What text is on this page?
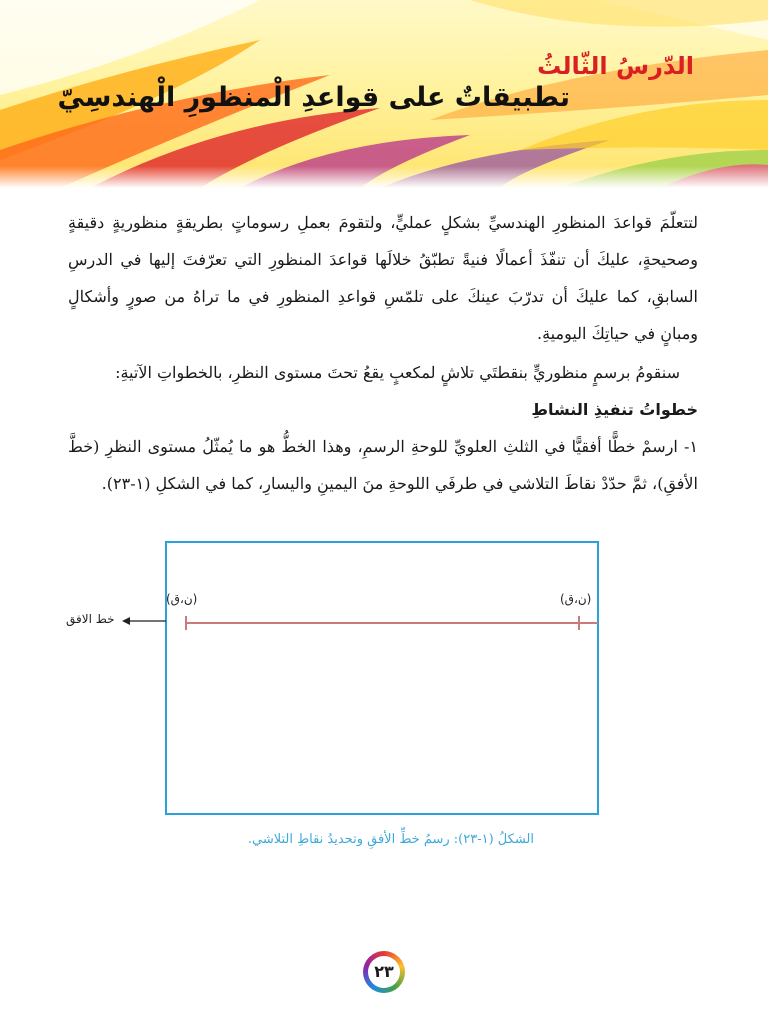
الدّرسُ الثّالثُ
تطبيقاتٌ على قواعدِ الْمنظورِ الْهندسِيّ

لتتعلّمَ قواعدَ المنظورِ الهندسيِّ بشكلٍ عمليٍّ، ولتقومَ بعملِ رسوماتٍ بطريقةٍ منظوريةٍ دقيقةٍ وصحيحةٍ، عليكَ أن تنفّذَ أعمالًا فنيةً تطبّقُ خلالَها قواعدَ المنظورِ التي تعرّفتَ إليها في الدرسِ السابقِ، كما عليكَ أن تدرّبَ عينكَ على تلمّسِ قواعدِ المنظورِ في ما تراهُ من صورٍ وأشكالٍ ومبانٍ في حياتِكَ اليوميةِ.

سنقومُ برسمٍ منظوريٍّ بنقطتَي تلاشٍ لمكعبٍ يقعُ تحتَ مستوى النظرِ، بالخطواتِ الآتيةِ:

خطواتُ تنفيذِ النشاطِ

١- ارسمْ خطًّا أفقيًّا في الثلثِ العلويِّ للوحةِ الرسمِ، وهذا الخطُّ هو ما يُمثّلُ مستوى النظرِ (خطَّ الأفقِ)، ثمَّ حدّدْ نقاطَ التلاشي في طرفَي اللوحةِ منَ اليمينِ واليسارِ، كما في الشكلِ (١-٢٣).

(ن،ق)	(ن،ق)
خط الافق

الشكلُ (١-٢٣): رسمُ خطِّ الأفقِ وتحديدُ نقاطِ التلاشي.

٢٣
